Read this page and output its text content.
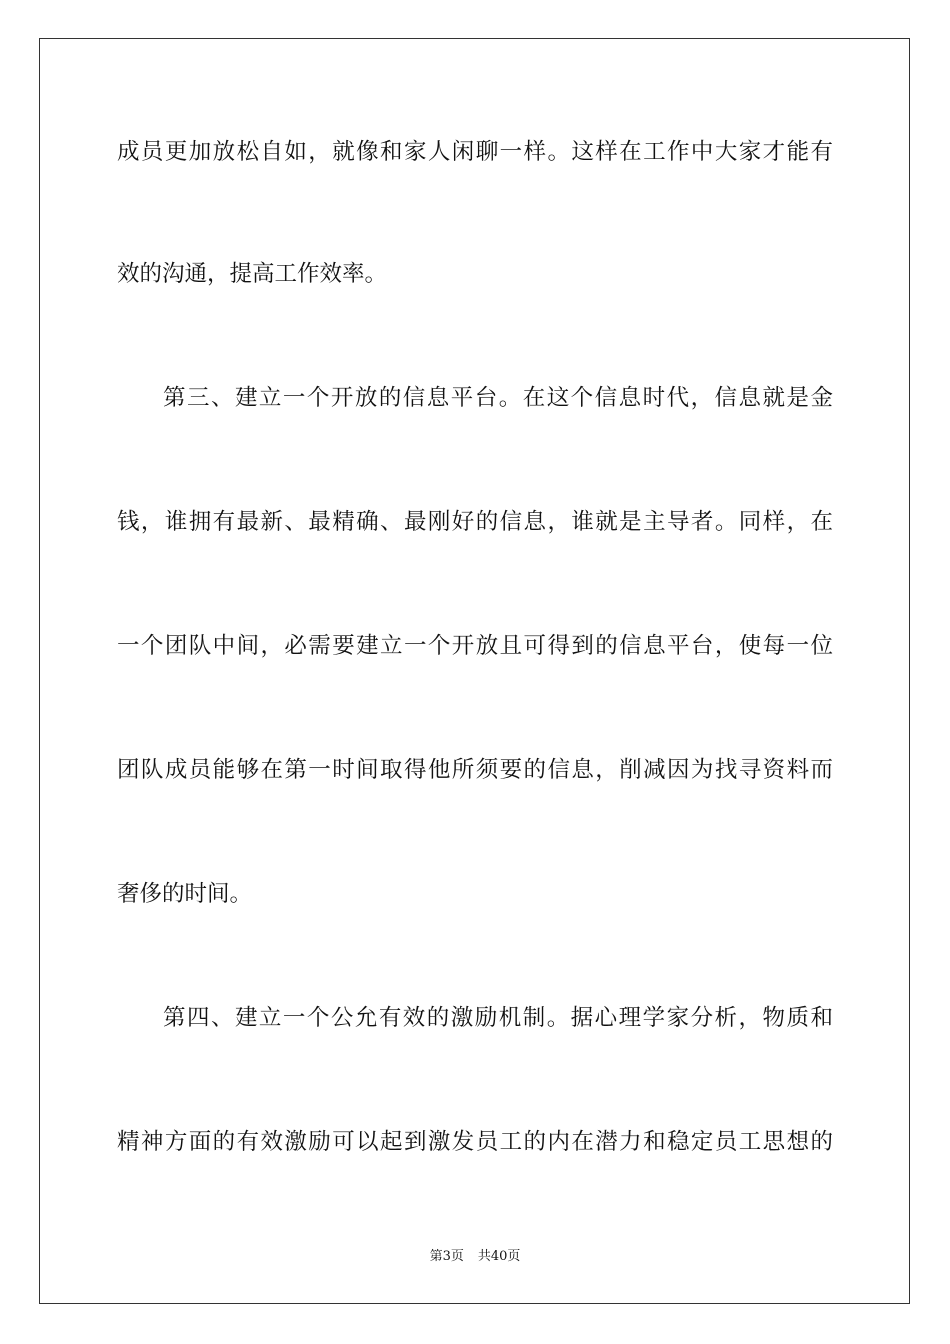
成员更加放松自如，就像和家人闲聊一样。这样在工作中大家才能有
效的沟通，提高工作效率。
第三、建立一个开放的信息平台。在这个信息时代，信息就是金
钱，谁拥有最新、最精确、最刚好的信息，谁就是主导者。同样，在
一个团队中间，必需要建立一个开放且可得到的信息平台，使每一位
团队成员能够在第一时间取得他所须要的信息，削减因为找寻资料而
奢侈的时间。
第四、建立一个公允有效的激励机制。据心理学家分析，物质和
精神方面的有效激励可以起到激发员工的内在潜力和稳定员工思想的
第3页 共40页
